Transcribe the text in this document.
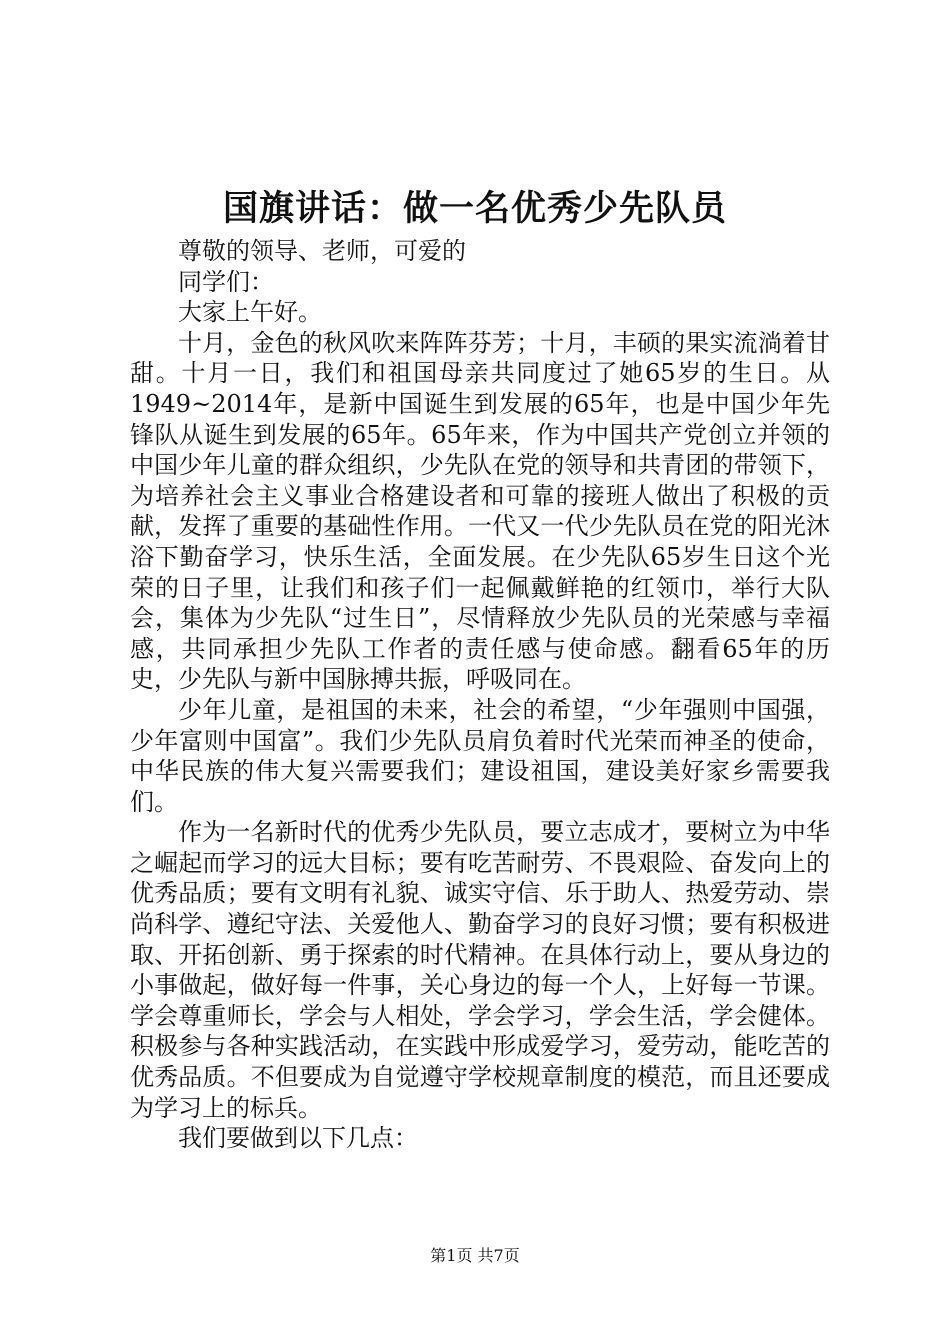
国旗讲话：做一名优秀少先队员

尊敬的领导、老师，可爱的

同学们：

大家上午好。

十月，金色的秋风吹来阵阵芬芳；十月，丰硕的果实流淌着甘甜。十月一日，我们和祖国母亲共同度过了她65岁的生日。从1949~2014年，是新中国诞生到发展的65年，也是中国少年先锋队从诞生到发展的65年。65年来，作为中国共产党创立并领的中国少年儿童的群众组织，少先队在党的领导和共青团的带领下，为培养社会主义事业合格建设者和可靠的接班人做出了积极的贡献，发挥了重要的基础性作用。一代又一代少先队员在党的阳光沐浴下勤奋学习，快乐生活，全面发展。在少先队65岁生日这个光荣的日子里，让我们和孩子们一起佩戴鲜艳的红领巾，举行大队会，集体为少先队“过生日”，尽情释放少先队员的光荣感与幸福感，共同承担少先队工作者的责任感与使命感。翻看65年的历史，少先队与新中国脉搏共振，呼吸同在。

少年儿童，是祖国的未来，社会的希望，“少年强则中国强，少年富则中国富”。我们少先队员肩负着时代光荣而神圣的使命，中华民族的伟大复兴需要我们；建设祖国，建设美好家乡需要我们。

作为一名新时代的优秀少先队员，要立志成才，要树立为中华之崛起而学习的远大目标；要有吃苦耐劳、不畏艰险、奋发向上的优秀品质；要有文明有礼貌、诚实守信、乐于助人、热爱劳动、崇尚科学、遵纪守法、关爱他人、勤奋学习的良好习惯；要有积极进取、开拓创新、勇于探索的时代精神。在具体行动上，要从身边的小事做起，做好每一件事，关心身边的每一个人，上好每一节课。学会尊重师长，学会与人相处，学会学习，学会生活，学会健体。积极参与各种实践活动，在实践中形成爱学习，爱劳动，能吃苦的优秀品质。不但要成为自觉遵守学校规章制度的模范，而且还要成为学习上的标兵。

我们要做到以下几点：

第1页 共7页
